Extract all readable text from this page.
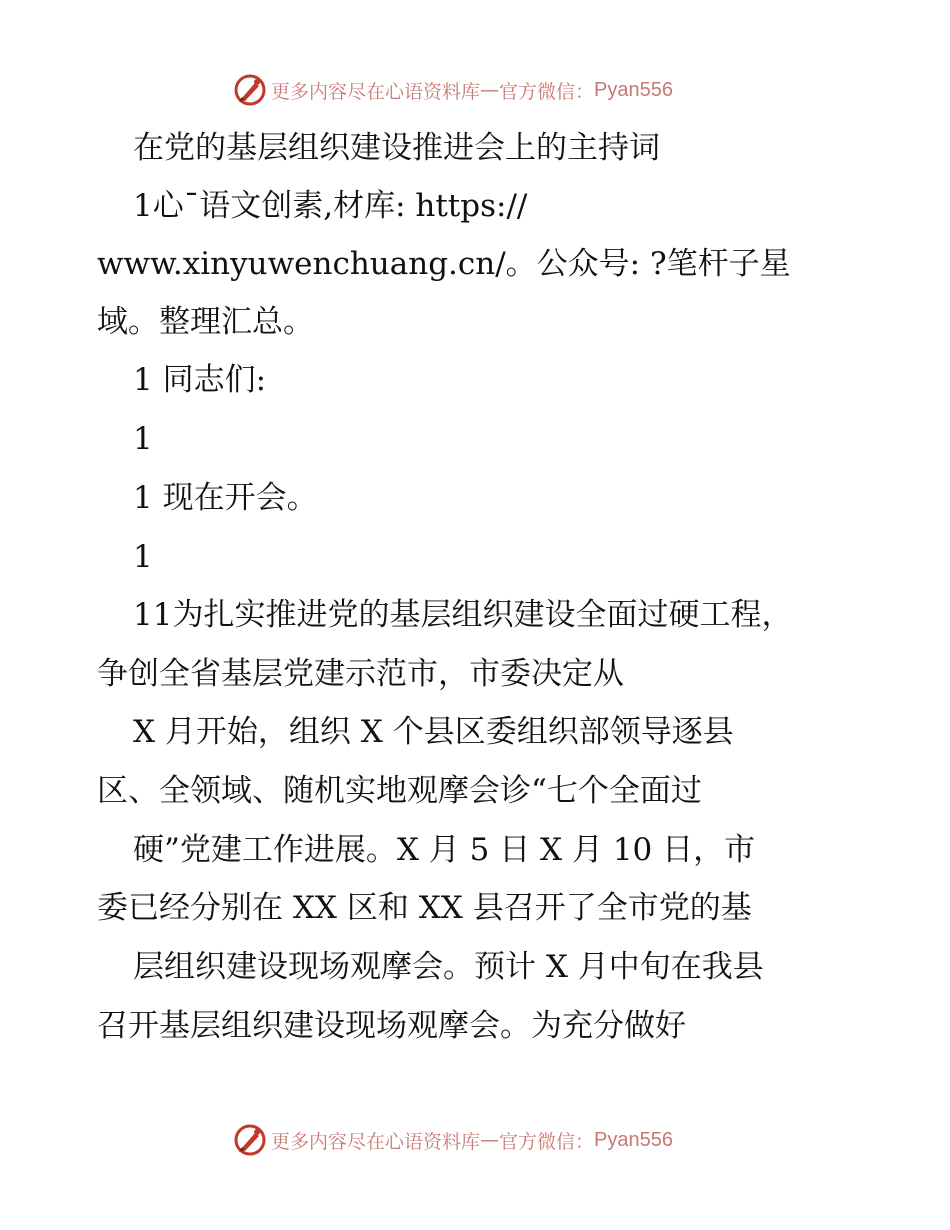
更多内容尽在心语资料库 — 官方微信： Pyan556
在党的基层组织建设推进会上的主持词
1心¯语文创素,材库: https://
www.xinyuwenchuang.cn/。公众号: ?笔杆子星
域。整理汇总。
1 同志们:
1
1 现在开会。
1
11为扎实推进党的基层组织建设全面过硬工程，
争创全省基层党建示范市，市委决定从
X 月开始，组织 X 个县区委组织部领导逐县
区、全领域、随机实地观摩会诊“七个全面过
硬”党建工作进展。X 月 5 日 X 月 10 日，市
委已经分别在 XX 区和 XX 县召开了全市党的基
层组织建设现场观摩会。预计 X 月中旬在我县
召开基层组织建设现场观摩会。为充分做好
更多内容尽在心语资料库 — 官方微信： Pyan556
